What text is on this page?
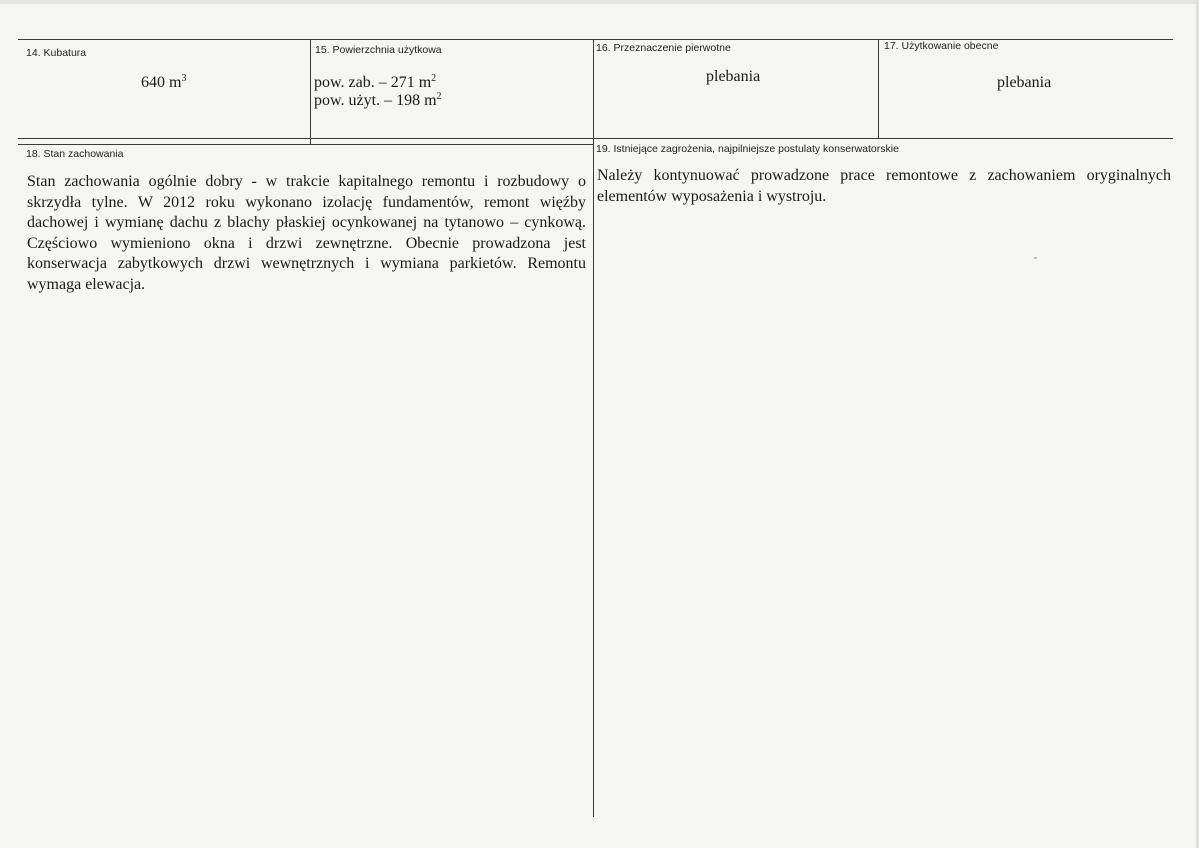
14. Kubatura
640 $m^3$
15. Powierzchnia użytkowa
pow. zab. – 271 $m^2$
pow. użyt. – 198 $m^2$
16. Przeznaczenie pierwotne
plebania
17. Użytkowanie obecne
plebania
18. Stan zachowania
Stan zachowania ogólnie dobry - w trakcie kapitalnego remontu i rozbudowy o skrzydła tylne. W 2012 roku wykonano izolację fundamentów, remont więźby dachowej i wymianę dachu z blachy płaskiej ocynkowanej na tytanowo – cynkową. Częściowo wymieniono okna i drzwi zewnętrzne. Obecnie prowadzona jest konserwacja zabytkowych drzwi wewnętrznych i wymiana parkietów. Remontu wymaga elewacja.
19. Istniejące zagrożenia, najpilniejsze postulaty konserwatorskie
Należy kontynuować prowadzone prace remontowe z zachowaniem oryginalnych elementów wyposażenia i wystroju.
